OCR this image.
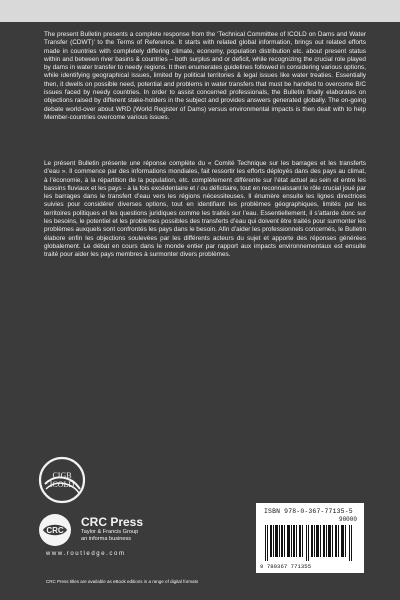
The present Bulletin presents a complete response from the 'Technical Committee of ICOLD on Dams and Water Transfer (CDWT)' to the Terms of Reference. It starts with related global information, brings out related efforts made in countries with completely differing climate, economy, population distribution etc. about present status within and between river basins & countries – both surplus and or deficit, while recognizing the crucial role played by dams in water transfer to needy regions. It then enumerates guidelines followed in considering various options, while identifying geographical issues, limited by political territories & legal issues like water treaties. Essentially then, it dwells on possible need, potential and problems in water transfers that must be handled to overcome B/C issues faced by needy countries. In order to assist concerned professionals, the Bulletin finally elaborates on objections raised by different stake-holders in the subject and provides answers generated globally. The on-going debate world-over about WRD (World Register of Dams) versus environmental impacts is then dealt with to help Member-countries overcome various issues.
Le présent Bulletin présente une réponse complète du « Comité Technique sur les barrages et les transferts d’eau ». Il commence par des informations mondiales, fait ressortir les efforts déployés dans des pays au climat, à l’économie, à la répartition de la population, etc. complètement différente sur l’état actuel au sein et entre les bassins fluviaux et les pays - à la fois excédentaire et / ou déficitaire, tout en reconnaissant le rôle crucial joué par les barrages dans le transfert d’eau vers les régions nécessiteuses. Il énumère ensuite les lignes directrices suivies pour considérer diverses options, tout en identifiant les problèmes géographiques, limités par les territoires politiques et les questions juridiques comme les traités sur l’eau. Essentiellement, il s’attarde donc sur les besoins, le potentiel et les problèmes possibles des transferts d’eau qui doivent être traités pour surmonter les problèmes auxquels sont confrontés les pays dans le besoin. Afin d’aider les professionnels concernés, le Bulletin élabore enfin les objections soulevées par les différents acteurs du sujet et apporte des réponses générées globalement. Le débat en cours dans le monde entier par rapport aux impacts environnementaux est ensuite traité pour aider les pays membres à surmonter divers problèmes.
CIGB
ICOLD
CRC
CRC Press
Taylor & Francis Group
an informa business
www.routledge.com
CRC Press titles are available as eBook editions in a range of digital formats
ISBN 978-0-367-77135-5
90000
9 780367 771355
